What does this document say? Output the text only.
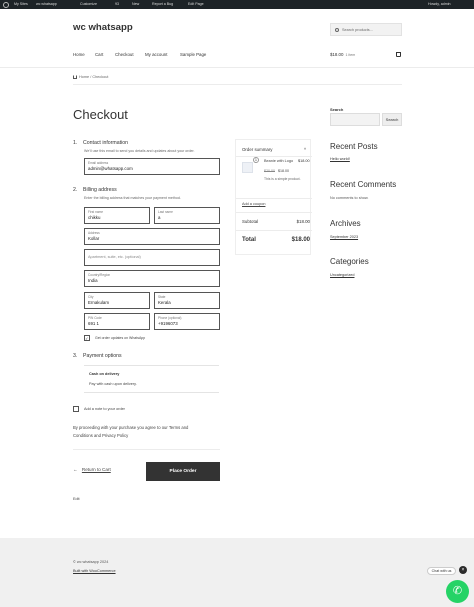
My Sites wc whatsapp	Customize	93	New	Report a Bug	Edit Page	Howdy, admin
wc whatsapp	Search products…
Home Cart	Checkout	My account	Sample Page	$18.00 1 item
Home / Checkout
Checkout
1. Contact information
We'll use this email to send you details and updates about your order.
Email address
admin@whatsapp.com
2. Billing address
Enter the billing address that matches your payment method.
First name
chikku
Last name
a
Address
Kollar
Apartment, suite, etc. (optional)
Country/Region
India
City
Ernakulam
State
Kerala
PIN Code
691 1
Phone (optional)
+9196073
✓	Get order updates on WhatsApp
3. Payment options
Cash on delivery
Pay with cash upon delivery.
Add a note to your order
By proceeding with your purchase you agree to our Terms and Conditions and Privacy Policy
← Return to Cart	Place Order
Edit
Order summary	^
Beanie with Logo $18.00
$20.00 $18.00
This is a simple product.
Add a coupon
Subtotal	$18.00
Total	$18.00
1
Search
Search
Recent Posts
Hello world!
Recent Comments
No comments to show.
Archives
September 2023
Categories
Uncategorized
© wc whatsapp 2024
Built with WooCommerce	Chat with us	×
✆
